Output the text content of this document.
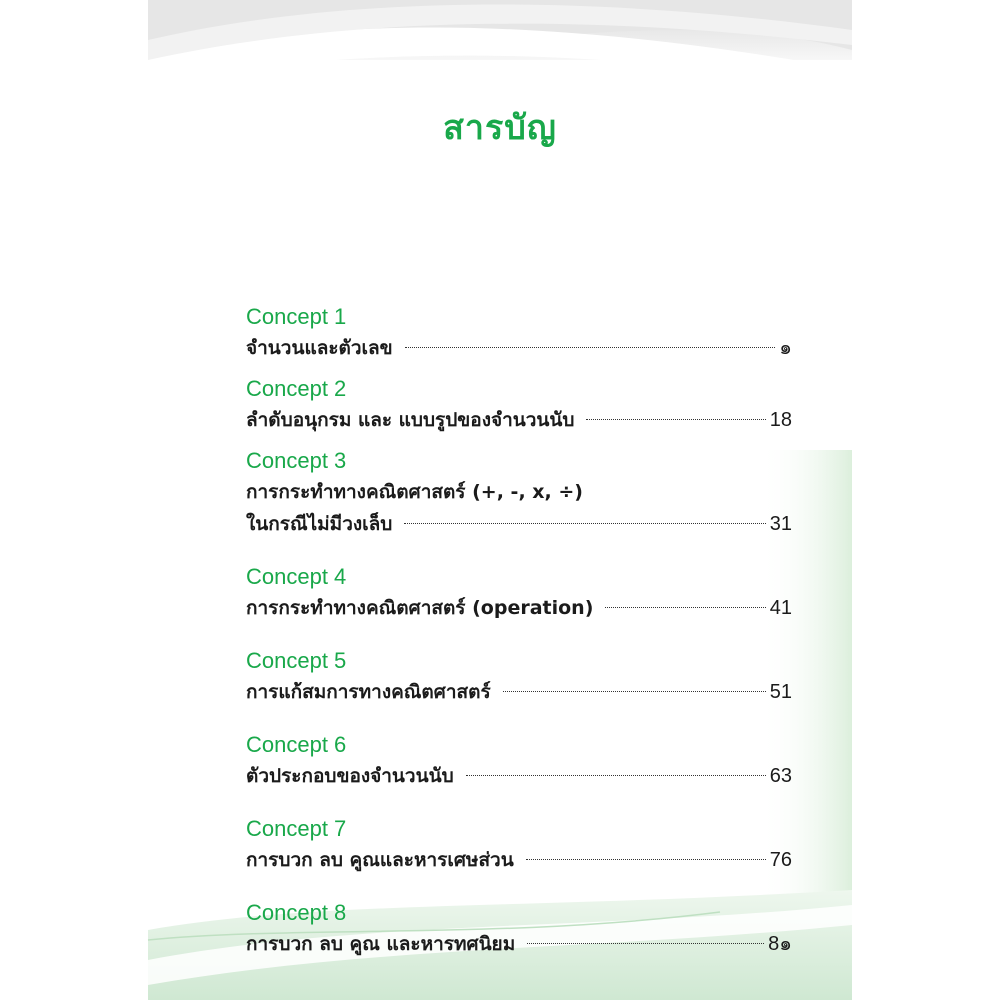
สารบัญ
Concept 1
จำนวนและตัวเลข	๑
Concept 2
ลำดับอนุกรม และ แบบรูปของจำนวนนับ	18
Concept 3
การกระทำทางคณิตศาสตร์ (+, -, x, ÷)
ในกรณีไม่มีวงเล็บ	31
Concept 4
การกระทำทางคณิตศาสตร์ (operation)	41
Concept 5
การแก้สมการทางคณิตศาสตร์	51
Concept 6
ตัวประกอบของจำนวนนับ	63
Concept 7
การบวก ลบ คูณและหารเศษส่วน	76
Concept 8
การบวก ลบ คูณ และหารทศนิยม	8๑
